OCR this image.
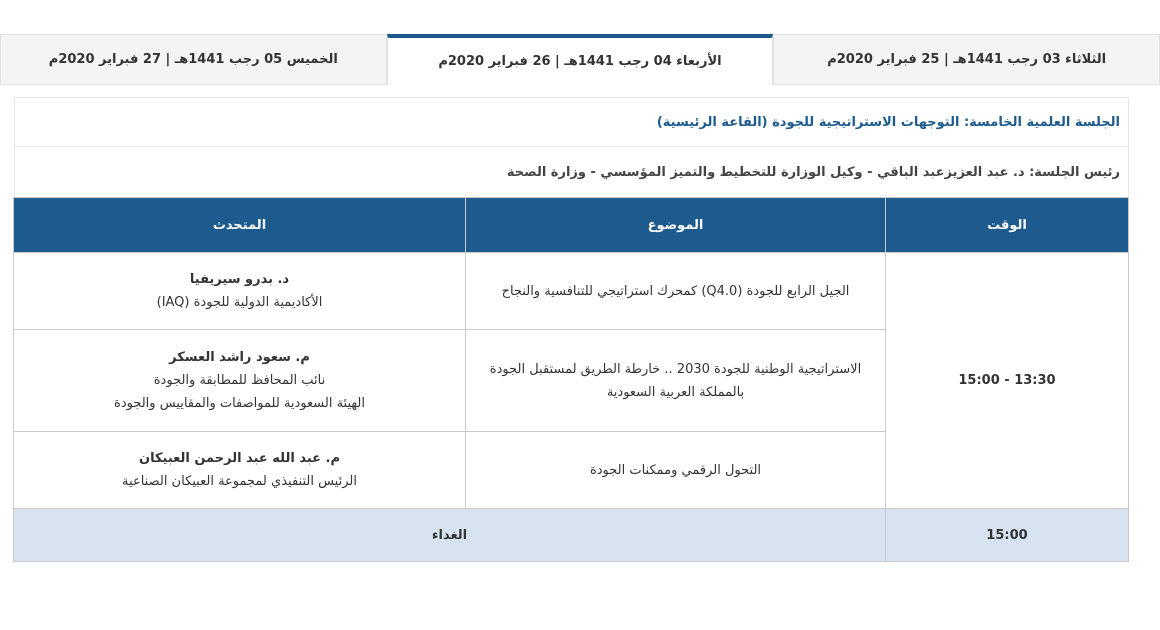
الثلاثاء 03 رجب 1441هـ | 25 فبراير 2020م
الأربعاء 04 رجب 1441هـ | 26 فبراير 2020م
الخميس 05 رجب 1441هـ | 27 فبراير 2020م
الجلسة العلمية الخامسة: التوجهات الاستراتيجية للجودة (القاعة الرئيسية)
رئيس الجلسة: د. عبد العزيزعبد الباقي - وكيل الوزارة للتخطيط والتميز المؤسسي - وزارة الصحة
الوقت	الموضوع	المتحدث
13:30 - 15:00	الجيل الرابع للجودة (Q4.0) كمحرك استراتيجي للتنافسية والنجاح	د. بدرو سيريفيا
الأكاديمية الدولية للجودة (IAQ)

	الاستراتيجية الوطنية للجودة 2030 .. خارطة الطريق لمستقبل الجودة
بالمملكة العربية السعودية	م. سعود راشد العسكر
نائب المحافظ للمطابقة والجودة
الهيئة السعودية للمواصفات والمقاييس والجودة

	التحول الرقمي وممكنات الجودة	م. عبد الله عبد الرحمن العبيكان
الرئيس التنفيذي لمجموعة العبيكان الصناعية

15:00	الغداء	
